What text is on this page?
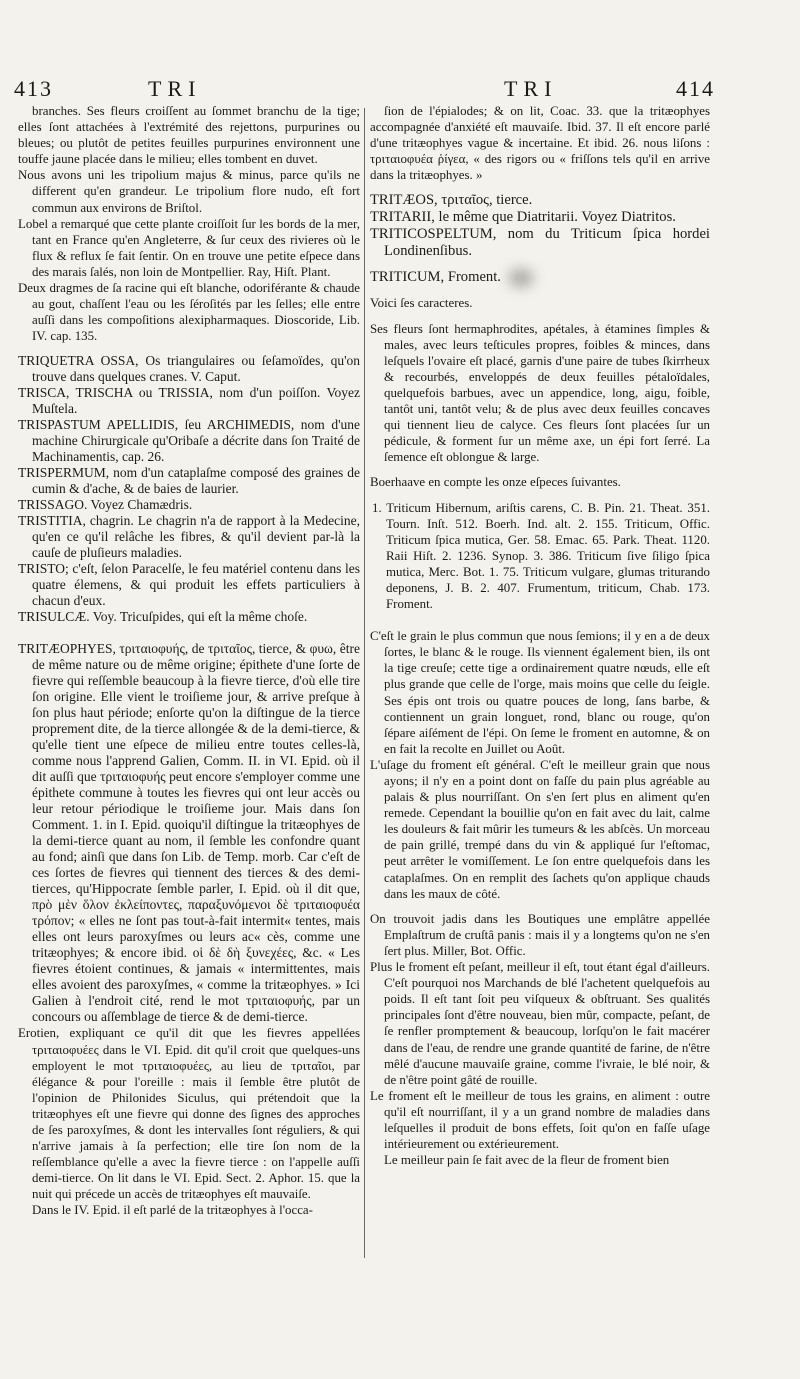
413	TRI	TRI	414

branches. Ses fleurs croiſſent au ſommet branchu de la tige; elles ſont attachées à l'extrémité des rejettons, purpurines ou bleues; ou plutôt de petites feuilles purpurines environnent une touffe jaune placée dans le milieu; elles tombent en duvet.

Nous avons uni les tripolium majus & minus, parce qu'ils ne different qu'en grandeur. Le tripolium flore nudo, eſt fort commun aux environs de Briſtol.

Lobel a remarqué que cette plante croiſſoit ſur les bords de la mer, tant en France qu'en Angleterre, & ſur ceux des rivieres où le flux & reflux ſe fait ſentir. On en trouve une petite eſpece dans des marais ſalés, non loin de Montpellier. Ray, Hiſt. Plant.

Deux dragmes de ſa racine qui eſt blanche, odoriférante & chaude au gout, chaſſent l'eau ou les ſéroſités par les ſelles; elle entre auſſi dans les compoſitions alexipharmaques. Dioscoride, Lib. IV. cap. 135.

TRIQUETRA OSSA, Os triangulaires ou ſeſamoïdes, qu'on trouve dans quelques cranes. V. Caput.

TRISCA, TRISCHA ou TRISSIA, nom d'un poiſſon. Voyez Muſtela.

TRISPASTUM APELLIDIS, ſeu ARCHIMEDIS, nom d'une machine Chirurgicale qu'Oribaſe a décrite dans ſon Traité de Machinamentis, cap. 26.

TRISPERMUM, nom d'un cataplaſme composé des graines de cumin & d'ache, & de baies de laurier.

TRISSAGO. Voyez Chamædris.

TRISTITIA, chagrin. Le chagrin n'a de rapport à la Medecine, qu'en ce qu'il relâche les fibres, & qu'il devient par-là la cauſe de pluſieurs maladies.

TRISTO; c'eſt, ſelon Paracelſe, le feu matériel contenu dans les quatre élemens, & qui produit les effets particuliers à chacun d'eux.

TRISULCÆ. Voy. Tricuſpides, qui eſt la même choſe.

TRITÆOPHYES, τριταιοφυής, de τριταῖος, tierce, & φυω, être de même nature ou de même origine; épithete d'une ſorte de fievre qui reſſemble beaucoup à la fievre tierce, d'où elle tire ſon origine. Elle vient le troiſieme jour, & arrive preſque à ſon plus haut période; enſorte qu'on la diſtingue de la tierce proprement dite, de la tierce allongée & de la demi-tierce, & qu'elle tient une eſpece de milieu entre toutes celles-là, comme nous l'apprend Galien, Comm. II. in VI. Epid. où il dit auſſi que τριταιοφυής peut encore s'employer comme une épithete commune à toutes les fievres qui ont leur accès ou leur retour périodique le troiſieme jour. Mais dans ſon Comment. 1. in I. Epid. quoiqu'il diſtingue la tritæophyes de la demi-tierce quant au nom, il ſemble les confondre quant au fond; ainſi que dans ſon Lib. de Temp. morb. Car c'eſt de ces ſortes de fievres qui tiennent des tierces & des demi-tierces, qu'Hippocrate ſemble parler, I. Epid. où il dit que, πρὸ μὲν ὅλον ἐκλείποντες, παραξυνόμενοι δὲ τριταιοφυέα τρόπον; « elles ne ſont pas tout-à-fait intermit« tentes, mais elles ont leurs paroxyſmes ou leurs ac« cès, comme une tritæophyes; & encore ibid. οἱ δὲ δὴ ξυνεχέες, &c. « Les fievres étoient continues, & jamais « intermittentes, mais elles avoient des paroxyſmes, « comme la tritæophyes. » Ici Galien à l'endroit cité, rend le mot τριταιοφυής, par un concours ou aſſemblage de tierce & de demi-tierce.

Erotien, expliquant ce qu'il dit que les fievres appellées τριταιοφυέες dans le VI. Epid. dit qu'il croit que quelques-uns employent le mot τριταιοφυέες, au lieu de τριταῖοι, par élégance & pour l'oreille : mais il ſemble être plutôt de l'opinion de Philonides Siculus, qui prétendoit que la tritæophyes eſt une fievre qui donne des ſignes des approches de ſes paroxyſmes, & dont les intervalles ſont réguliers, & qui n'arrive jamais à ſa perfection; elle tire ſon nom de la reſſemblance qu'elle a avec la fievre tierce : on l'appelle auſſi demi-tierce. On lit dans le VI. Epid. Sect. 2. Aphor. 15. que la nuit qui précede un accès de tritæophyes eſt mauvaiſe.

Dans le IV. Epid. il eſt parlé de la tritæophyes à l'occa-

ſion de l'épialodes; & on lit, Coac. 33. que la tritæophyes accompagnée d'anxiété eſt mauvaiſe. Ibid. 37. Il eſt encore parlé d'une tritæophyes vague & incertaine. Et ibid. 26. nous liſons : τριταιοφυέα ῥίγεα, « des rigors ou « friſſons tels qu'il en arrive dans la tritæophyes. »

TRITÆOS, τριταῖος, tierce.

TRITARII, le même que Diatritarii. Voyez Diatritos.

TRITICOSPELTUM, nom du Triticum ſpica hordei Londinenſibus.

TRITICUM, Froment.

Voici ſes caracteres.

Ses fleurs ſont hermaphrodites, apétales, à étamines ſimples & males, avec leurs teſticules propres, foibles & minces, dans leſquels l'ovaire eſt placé, garnis d'une paire de tubes ſkirrheux & recourbés, enveloppés de deux feuilles pétaloïdales, quelquefois barbues, avec un appendice, long, aigu, foible, tantôt uni, tantôt velu; & de plus avec deux feuilles concaves qui tiennent lieu de calyce. Ces fleurs ſont placées ſur un pédicule, & forment ſur un même axe, un épi fort ſerré. La ſemence eſt oblongue & large.

Boerhaave en compte les onze eſpeces ſuivantes.

1. Triticum Hibernum, ariſtis carens, C. B. Pin. 21. Theat. 351. Tourn. Inſt. 512. Boerh. Ind. alt. 2. 155. Triticum, Offic. Triticum ſpica mutica, Ger. 58. Emac. 65. Park. Theat. 1120. Raii Hiſt. 2. 1236. Synop. 3. 386. Triticum ſive ſiligo ſpica mutica, Merc. Bot. 1. 75. Triticum vulgare, glumas triturando deponens, J. B. 2. 407. Frumentum, triticum, Chab. 173. Froment.

C'eſt le grain le plus commun que nous ſemions; il y en a de deux ſortes, le blanc & le rouge. Ils viennent également bien, ils ont la tige creuſe; cette tige a ordinairement quatre nœuds, elle eſt plus grande que celle de l'orge, mais moins que celle du ſeigle. Ses épis ont trois ou quatre pouces de long, ſans barbe, & contiennent un grain longuet, rond, blanc ou rouge, qu'on ſépare aiſément de l'épi. On ſeme le froment en automne, & on en fait la recolte en Juillet ou Août.

L'uſage du froment eſt général. C'eſt le meilleur grain que nous ayons; il n'y en a point dont on faſſe du pain plus agréable au palais & plus nourriſſant. On s'en ſert plus en aliment qu'en remede. Cependant la bouillie qu'on en fait avec du lait, calme les douleurs & fait mûrir les tumeurs & les abſcès. Un morceau de pain grillé, trempé dans du vin & appliqué ſur l'eſtomac, peut arrêter le vomiſſement. Le ſon entre quelquefois dans les cataplaſmes. On en remplit des ſachets qu'on applique chauds dans les maux de côté.

On trouvoit jadis dans les Boutiques une emplâtre appellée Emplaſtrum de cruſtâ panis : mais il y a longtems qu'on ne s'en ſert plus. Miller, Bot. Offic.

Plus le froment eſt peſant, meilleur il eſt, tout étant égal d'ailleurs. C'eſt pourquoi nos Marchands de blé l'achetent quelquefois au poids. Il eſt tant ſoit peu viſqueux & obſtruant. Ses qualités principales ſont d'être nouveau, bien mûr, compacte, peſant, de ſe renfler promptement & beaucoup, lorſqu'on le fait macérer dans de l'eau, de rendre une grande quantité de farine, de n'être mêlé d'aucune mauvaiſe graine, comme l'ivraie, le blé noir, & de n'être point gâté de rouille.

Le froment eſt le meilleur de tous les grains, en aliment : outre qu'il eſt nourriſſant, il y a un grand nombre de maladies dans leſquelles il produit de bons effets, ſoit qu'on en faſſe uſage intérieurement ou extérieurement.

Le meilleur pain ſe fait avec de la fleur de froment bien
